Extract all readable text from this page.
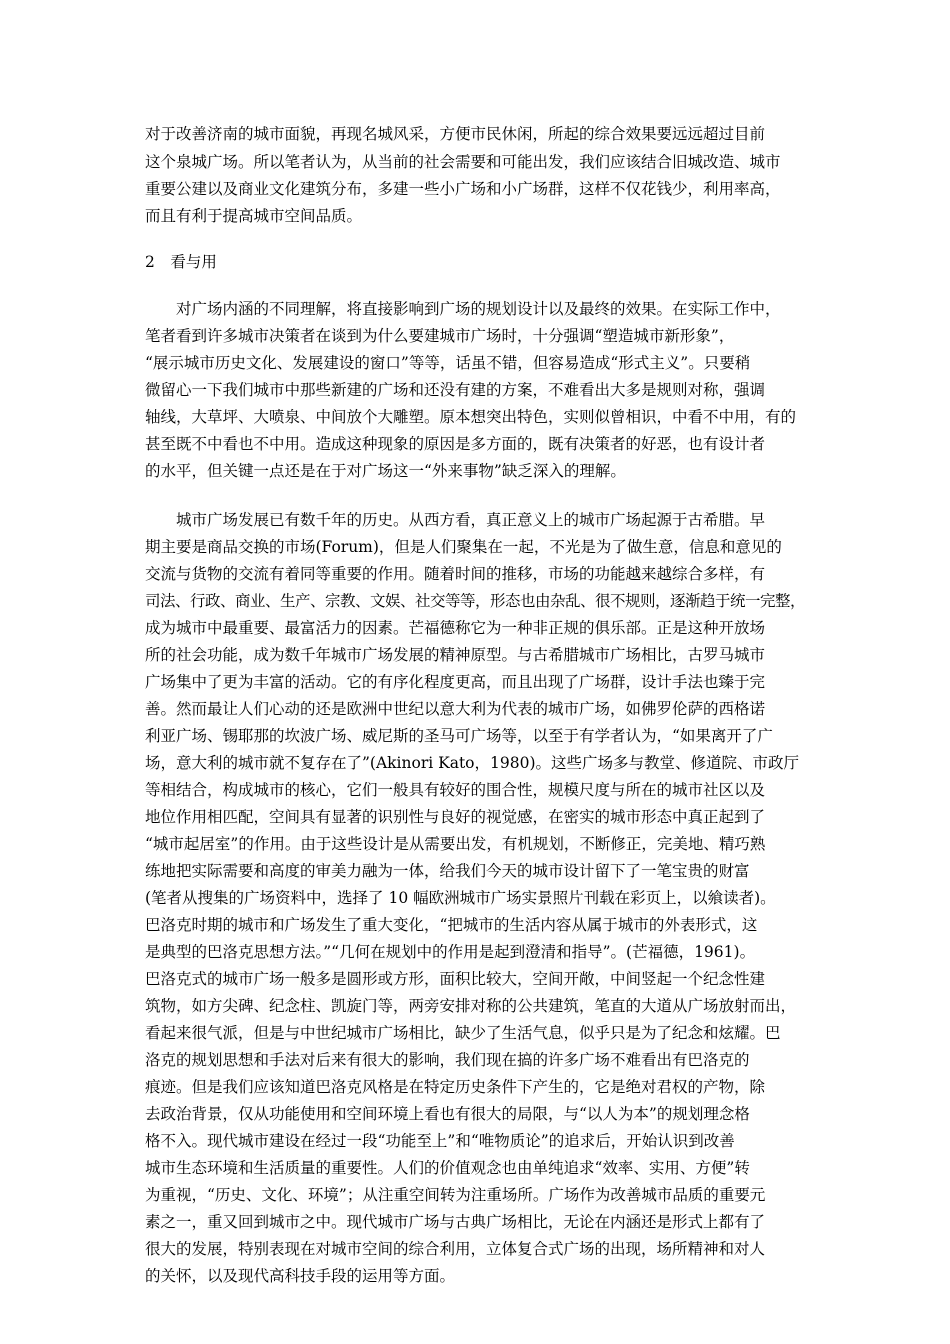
对于改善济南的城市面貌，再现名城风采，方便市民休闲，所起的综合效果要远远超过目前
这个泉城广场。所以笔者认为，从当前的社会需要和可能出发，我们应该结合旧城改造、城市
重要公建以及商业文化建筑分布，多建一些小广场和小广场群，这样不仅花钱少，利用率高，
而且有利于提高城市空间品质。
2　看与用
　　对广场内涵的不同理解，将直接影响到广场的规划设计以及最终的效果。在实际工作中，
笔者看到许多城市决策者在谈到为什么要建城市广场时，十分强调“塑造城市新形象”，
“展示城市历史文化、发展建设的窗口”等等，话虽不错，但容易造成“形式主义”。只要稍
微留心一下我们城市中那些新建的广场和还没有建的方案，不难看出大多是规则对称，强调
轴线，大草坪、大喷泉、中间放个大雕塑。原本想突出特色，实则似曾相识，中看不中用，有的
甚至既不中看也不中用。造成这种现象的原因是多方面的，既有决策者的好恶，也有设计者
的水平，但关键一点还是在于对广场这一“外来事物”缺乏深入的理解。
　　城市广场发展已有数千年的历史。从西方看，真正意义上的城市广场起源于古希腊。早
期主要是商品交换的市场(Forum)，但是人们聚集在一起，不光是为了做生意，信息和意见的
交流与货物的交流有着同等重要的作用。随着时间的推移，市场的功能越来越综合多样，有
司法、行政、商业、生产、宗教、文娱、社交等等，形态也由杂乱、很不规则，逐渐趋于统一完整，
成为城市中最重要、最富活力的因素。芒福德称它为一种非正规的俱乐部。正是这种开放场
所的社会功能，成为数千年城市广场发展的精神原型。与古希腊城市广场相比，古罗马城市
广场集中了更为丰富的活动。它的有序化程度更高，而且出现了广场群，设计手法也臻于完
善。然而最让人们心动的还是欧洲中世纪以意大利为代表的城市广场，如佛罗伦萨的西格诺
利亚广场、锡耶那的坎波广场、威尼斯的圣马可广场等，以至于有学者认为，“如果离开了广
场，意大利的城市就不复存在了”(Akinori Kato，1980)。这些广场多与教堂、修道院、市政厅
等相结合，构成城市的核心，它们一般具有较好的围合性，规模尺度与所在的城市社区以及
地位作用相匹配，空间具有显著的识别性与良好的视觉感，在密实的城市形态中真正起到了
“城市起居室”的作用。由于这些设计是从需要出发，有机规划，不断修正，完美地、精巧熟
练地把实际需要和高度的审美力融为一体，给我们今天的城市设计留下了一笔宝贵的财富
(笔者从搜集的广场资料中，选择了 10 幅欧洲城市广场实景照片刊载在彩页上，以飨读者)。
巴洛克时期的城市和广场发生了重大变化，“把城市的生活内容从属于城市的外表形式，这
是典型的巴洛克思想方法。”“几何在规划中的作用是起到澄清和指导”。(芒福德，1961)。
巴洛克式的城市广场一般多是圆形或方形，面积比较大，空间开敞，中间竖起一个纪念性建
筑物，如方尖碑、纪念柱、凯旋门等，两旁安排对称的公共建筑，笔直的大道从广场放射而出，
看起来很气派，但是与中世纪城市广场相比，缺少了生活气息，似乎只是为了纪念和炫耀。巴
洛克的规划思想和手法对后来有很大的影响，我们现在搞的许多广场不难看出有巴洛克的
痕迹。但是我们应该知道巴洛克风格是在特定历史条件下产生的，它是绝对君权的产物，除
去政治背景，仅从功能使用和空间环境上看也有很大的局限，与“以人为本”的规划理念格
格不入。现代城市建设在经过一段“功能至上”和“唯物质论”的追求后，开始认识到改善
城市生态环境和生活质量的重要性。人们的价值观念也由单纯追求“效率、实用、方便”转
为重视，“历史、文化、环境”；从注重空间转为注重场所。广场作为改善城市品质的重要元
素之一，重又回到城市之中。现代城市广场与古典广场相比，无论在内涵还是形式上都有了
很大的发展，特别表现在对城市空间的综合利用，立体复合式广场的出现，场所精神和对人
的关怀，以及现代高科技手段的运用等方面。
